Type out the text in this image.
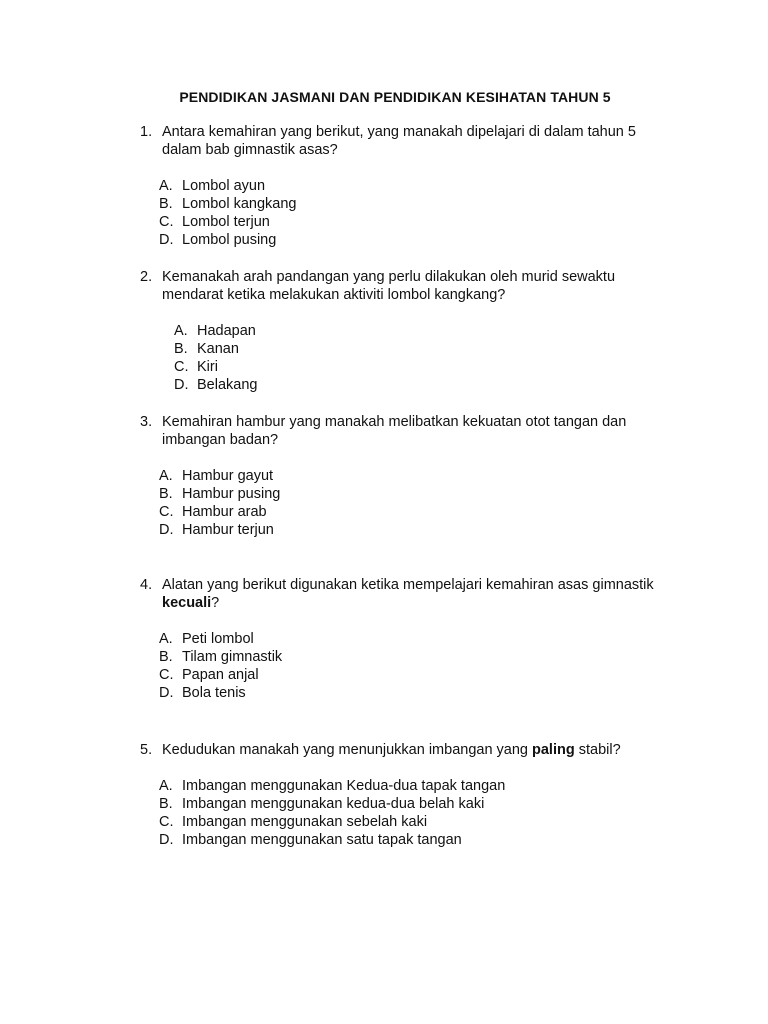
PENDIDIKAN JASMANI DAN PENDIDIKAN KESIHATAN TAHUN 5
1. Antara kemahiran yang berikut, yang manakah dipelajari di dalam tahun 5 dalam bab gimnastik asas?
A. Lombol ayun
B. Lombol kangkang
C. Lombol terjun
D. Lombol pusing
2. Kemanakah arah pandangan yang perlu dilakukan oleh murid sewaktu mendarat ketika melakukan aktiviti lombol kangkang?
A. Hadapan
B. Kanan
C. Kiri
D. Belakang
3. Kemahiran hambur yang manakah melibatkan kekuatan otot tangan dan imbangan badan?
A. Hambur gayut
B. Hambur pusing
C. Hambur arab
D. Hambur terjun
4. Alatan yang berikut digunakan ketika mempelajari kemahiran asas gimnastik kecuali?
A. Peti lombol
B. Tilam gimnastik
C. Papan anjal
D. Bola tenis
5. Kedudukan manakah yang menunjukkan imbangan yang paling stabil?
A. Imbangan menggunakan Kedua-dua tapak tangan
B. Imbangan menggunakan kedua-dua belah kaki
C. Imbangan menggunakan sebelah kaki
D. Imbangan menggunakan satu tapak tangan
